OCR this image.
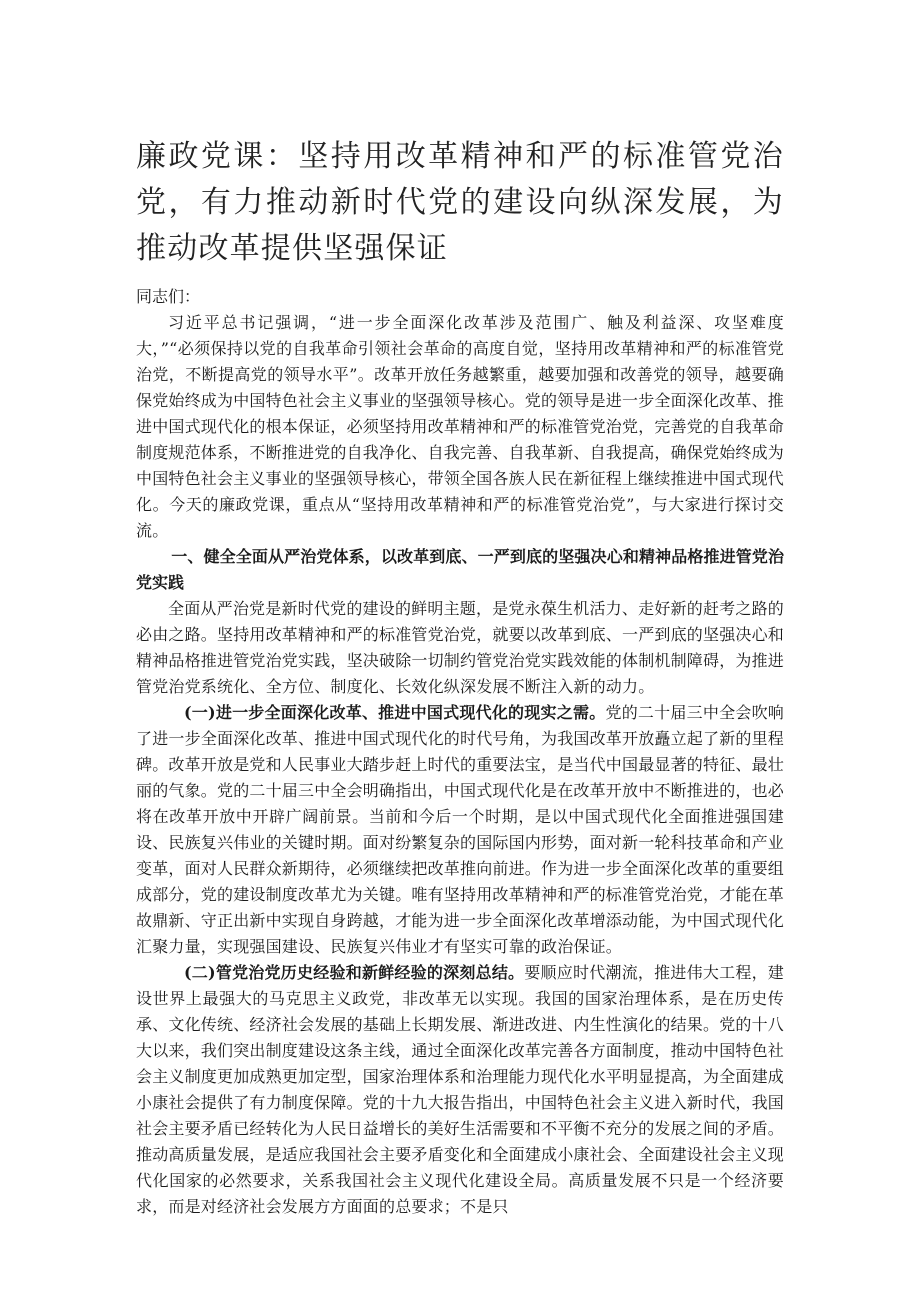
廉政党课：坚持用改革精神和严的标准管党治党，有力推动新时代党的建设向纵深发展，为推动改革提供坚强保证

同志们：

习近平总书记强调，“进一步全面深化改革涉及范围广、触及利益深、攻坚难度大，”“必须保持以党的自我革命引领社会革命的高度自觉，坚持用改革精神和严的标准管党治党，不断提高党的领导水平”。改革开放任务越繁重，越要加强和改善党的领导，越要确保党始终成为中国特色社会主义事业的坚强领导核心。党的领导是进一步全面深化改革、推进中国式现代化的根本保证，必须坚持用改革精神和严的标准管党治党，完善党的自我革命制度规范体系，不断推进党的自我净化、自我完善、自我革新、自我提高，确保党始终成为中国特色社会主义事业的坚强领导核心，带领全国各族人民在新征程上继续推进中国式现代化。今天的廉政党课，重点从“坚持用改革精神和严的标准管党治党”，与大家进行探讨交流。

一、健全全面从严治党体系，以改革到底、一严到底的坚强决心和精神品格推进管党治党实践

全面从严治党是新时代党的建设的鲜明主题，是党永葆生机活力、走好新的赶考之路的必由之路。坚持用改革精神和严的标准管党治党，就要以改革到底、一严到底的坚强决心和精神品格推进管党治党实践，坚决破除一切制约管党治党实践效能的体制机制障碍，为推进管党治党系统化、全方位、制度化、长效化纵深发展不断注入新的动力。

(一)进一步全面深化改革、推进中国式现代化的现实之需。党的二十届三中全会吹响了进一步全面深化改革、推进中国式现代化的时代号角，为我国改革开放矗立起了新的里程碑。改革开放是党和人民事业大踏步赶上时代的重要法宝，是当代中国最显著的特征、最壮丽的气象。党的二十届三中全会明确指出，中国式现代化是在改革开放中不断推进的，也必将在改革开放中开辟广阔前景。当前和今后一个时期，是以中国式现代化全面推进强国建设、民族复兴伟业的关键时期。面对纷繁复杂的国际国内形势，面对新一轮科技革命和产业变革，面对人民群众新期待，必须继续把改革推向前进。作为进一步全面深化改革的重要组成部分，党的建设制度改革尤为关键。唯有坚持用改革精神和严的标准管党治党，才能在革故鼎新、守正出新中实现自身跨越，才能为进一步全面深化改革增添动能，为中国式现代化汇聚力量，实现强国建设、民族复兴伟业才有坚实可靠的政治保证。

(二)管党治党历史经验和新鲜经验的深刻总结。要顺应时代潮流，推进伟大工程，建设世界上最强大的马克思主义政党，非改革无以实现。我国的国家治理体系，是在历史传承、文化传统、经济社会发展的基础上长期发展、渐进改进、内生性演化的结果。党的十八大以来，我们突出制度建设这条主线，通过全面深化改革完善各方面制度，推动中国特色社会主义制度更加成熟更加定型，国家治理体系和治理能力现代化水平明显提高，为全面建成小康社会提供了有力制度保障。党的十九大报告指出，中国特色社会主义进入新时代，我国社会主要矛盾已经转化为人民日益增长的美好生活需要和不平衡不充分的发展之间的矛盾。推动高质量发展，是适应我国社会主要矛盾变化和全面建成小康社会、全面建设社会主义现代化国家的必然要求，关系我国社会主义现代化建设全局。高质量发展不只是一个经济要求，而是对经济社会发展方方面面的总要求；不是只
